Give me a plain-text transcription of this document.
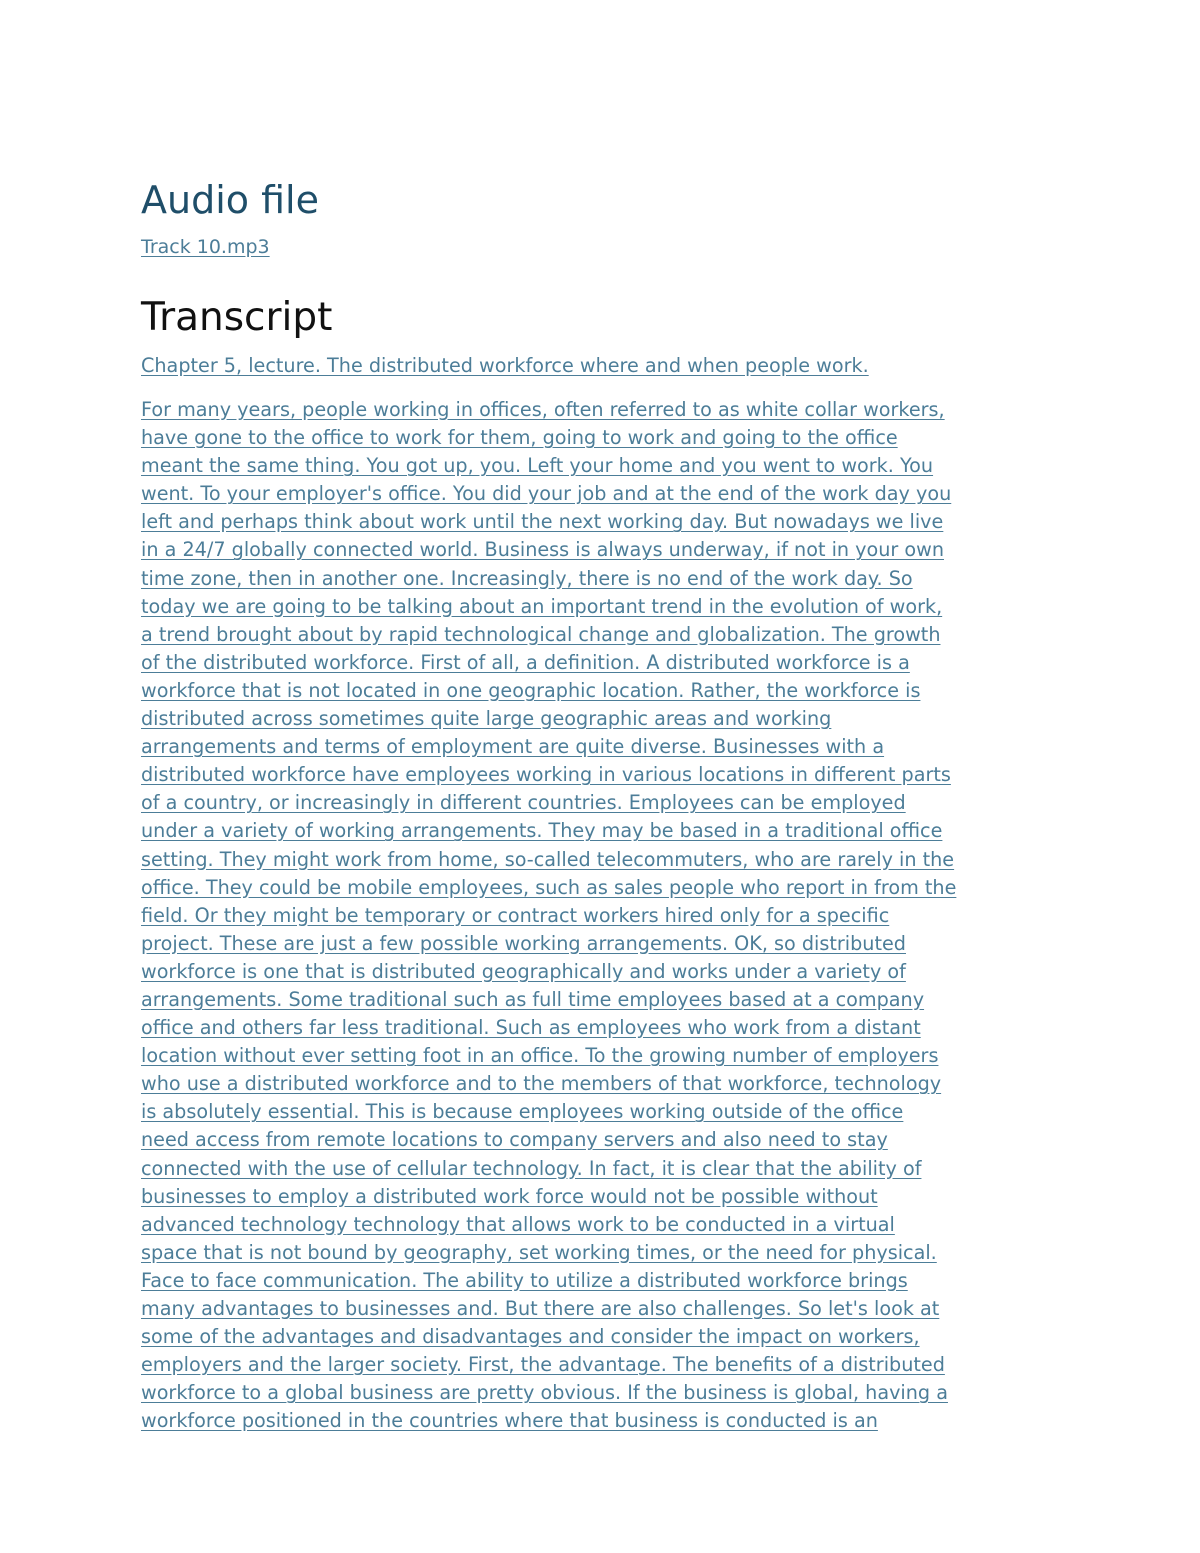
Audio file
Track 10.mp3
Transcript
Chapter 5, lecture. The distributed workforce where and when people work.
For many years, people working in offices, often referred to as white collar workers,
have gone to the office to work for them, going to work and going to the office
meant the same thing. You got up, you. Left your home and you went to work. You
went. To your employer's office. You did your job and at the end of the work day you
left and perhaps think about work until the next working day. But nowadays we live
in a 24/7 globally connected world. Business is always underway, if not in your own
time zone, then in another one. Increasingly, there is no end of the work day. So
today we are going to be talking about an important trend in the evolution of work,
a trend brought about by rapid technological change and globalization. The growth
of the distributed workforce. First of all, a definition. A distributed workforce is a
workforce that is not located in one geographic location. Rather, the workforce is
distributed across sometimes quite large geographic areas and working
arrangements and terms of employment are quite diverse. Businesses with a
distributed workforce have employees working in various locations in different parts
of a country, or increasingly in different countries. Employees can be employed
under a variety of working arrangements. They may be based in a traditional office
setting. They might work from home, so-called telecommuters, who are rarely in the
office. They could be mobile employees, such as sales people who report in from the
field. Or they might be temporary or contract workers hired only for a specific
project. These are just a few possible working arrangements. OK, so distributed
workforce is one that is distributed geographically and works under a variety of
arrangements. Some traditional such as full time employees based at a company
office and others far less traditional. Such as employees who work from a distant
location without ever setting foot in an office. To the growing number of employers
who use a distributed workforce and to the members of that workforce, technology
is absolutely essential. This is because employees working outside of the office
need access from remote locations to company servers and also need to stay
connected with the use of cellular technology. In fact, it is clear that the ability of
businesses to employ a distributed work force would not be possible without
advanced technology technology that allows work to be conducted in a virtual
space that is not bound by geography, set working times, or the need for physical.
Face to face communication. The ability to utilize a distributed workforce brings
many advantages to businesses and. But there are also challenges. So let's look at
some of the advantages and disadvantages and consider the impact on workers,
employers and the larger society. First, the advantage. The benefits of a distributed
workforce to a global business are pretty obvious. If the business is global, having a
workforce positioned in the countries where that business is conducted is an
